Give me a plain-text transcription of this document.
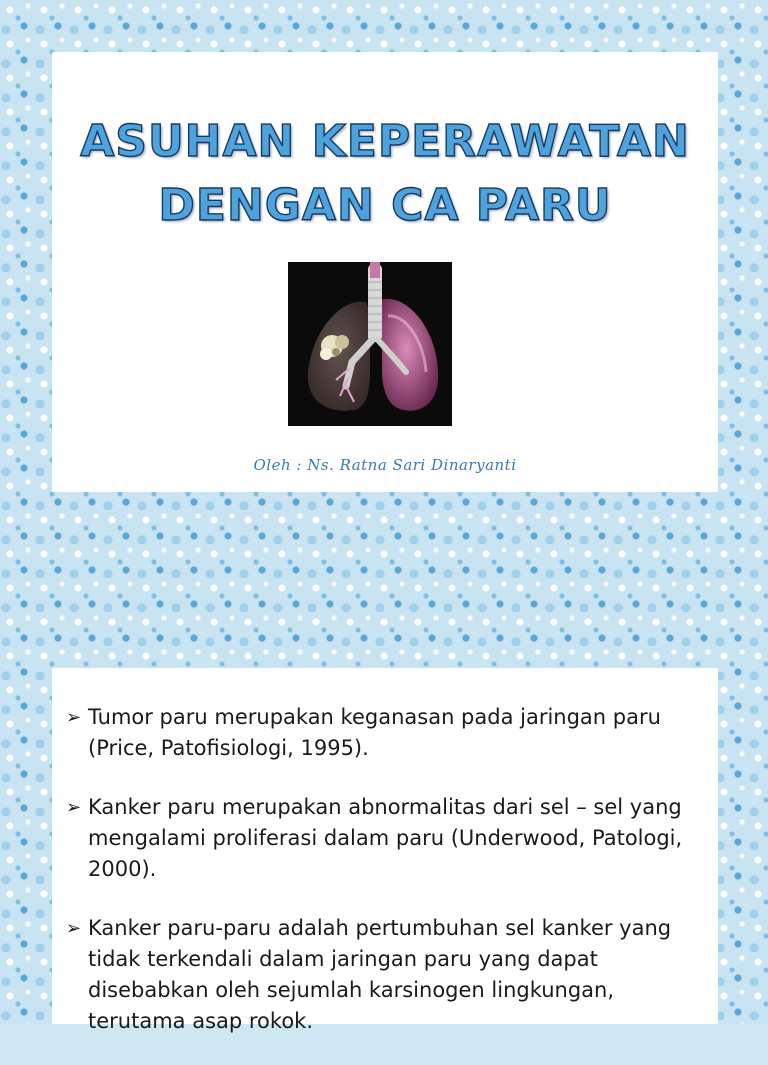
ASUHAN KEPERAWATAN
DENGAN CA PARU
Oleh : Ns. Ratna Sari Dinaryanti
➢ Tumor paru merupakan keganasan pada jaringan paru (Price, Patofisiologi, 1995).
➢ Kanker paru merupakan abnormalitas dari sel – sel yang mengalami proliferasi dalam paru (Underwood, Patologi, 2000).
➢ Kanker paru-paru adalah pertumbuhan sel kanker yang tidak terkendali dalam jaringan paru yang dapat disebabkan oleh sejumlah karsinogen lingkungan, terutama asap rokok.
